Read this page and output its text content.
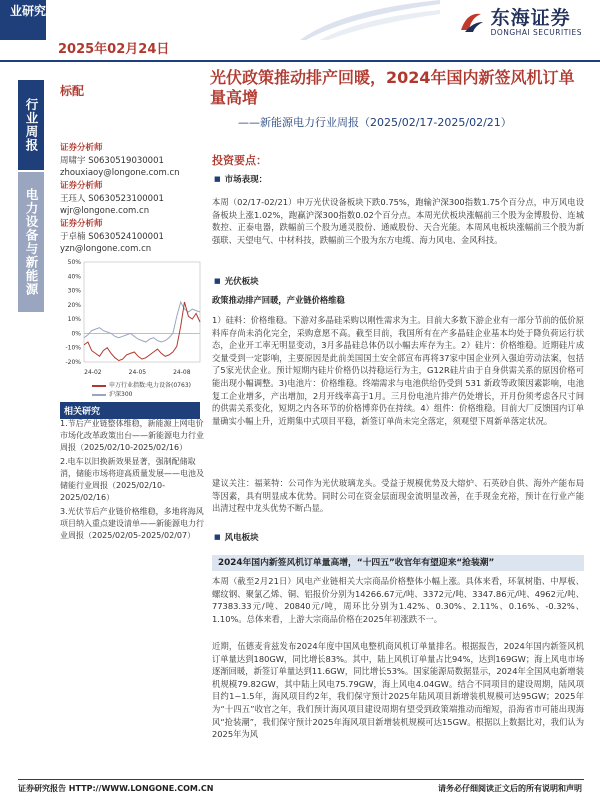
业研究
2025年02月24日
东海证券
DONGHAI SECURITIES
行业周报
电力设备与新能源
标配
光伏政策推动排产回暖，2024年国内新签风机订单量高增
——新能源电力行业周报（2025/02/17-2025/02/21）
证券分析师
周啸宇 S0630519030001
zhouxiaoy@longone.com.cn
证券分析师
王珏人 S0630523100001
wjr@longone.com.cn
证券分析师
于卓楠 S0630524100001
yzn@longone.com.cn
50%
40%
30%
20%
10%
0%
-10%
-20%
24-02	24-05	24-08
申万行业指数:电力设备(0763)
沪深300
相关研究

1.节后产业链整体维稳，新能源上网电价市场化改革政策出台——新能源电力行业周报（2025/02/10-2025/02/16）

2.电车以旧换新效果显著，强制配储取消，储能市场将迎高质量发展——电池及储能行业周报（2025/02/10-2025/02/16）

3.光伏节后产业链价格维稳，多地将海风项目纳入重点建设清单——新能源电力行业周报（2025/02/05-2025/02/07）

投资要点：
■ 市场表现：
本周（02/17-02/21）申万光伏设备板块下跌0.75%，跑输沪深300指数1.75个百分点，申万风电设备板块上涨1.02%，跑赢沪深300指数0.02个百分点。本周光伏板块涨幅前三个股为金博股份、连城数控、正泰电器，跌幅前三个股为通灵股份、通威股份、天合光能。本周风电板块涨幅前三个股为新强联、天望电气、中材科技，跌幅前三个股为东方电缆、海力风电、金风科技。
■ 光伏板块
政策推动排产回暖，产业链价格维稳
1）硅料：价格维稳。下游对多晶硅采购以刚性需求为主。目前大多数下游企业有一部分节前的低价原料库存尚未消化完全，采购意愿不高。截至目前，我国所有在产多晶硅企业基本均处于降负荷运行状态，企业开工率无明显变动，3月多晶硅总体仍以小幅去库存为主。2）硅片：价格维稳。近期硅片成交量受到一定影响，主要原因是此前美国国土安全部宣布再将37家中国企业列入强迫劳动法案，包括了5家光伏企业。预计短期内硅片价格仍以持稳运行为主，G12R硅片由于自身供需关系的原因价格可能出现小幅调整。3)电池片：价格维稳。终端需求与电池供给仍受到 531 新政等政策因素影响，电池复工企业增多，产出增加，2月开线率高于1月。三月份电池片排产仍处增长，开月份须考虑各尺寸间的供需关系变化，短期之内各环节的价格博弈仍在持续。4）组件：价格维稳。目前大厂反馈国内订单量确实小幅上升，近期集中式项目平稳，新签订单尚未完全落定，须观望下周新单落定状况。
建议关注：福莱特：公司作为光伏玻璃龙头。受益于规模优势及大熔炉、石英砂自供、海外产能布局等因素，具有明显成本优势。同时公司在资金层面现金流明显改善，在手现金充裕，预计在行业产能出清过程中龙头优势不断凸显。
■ 风电板块
2024年国内新签风机订单量高增，“十四五”收官年有望迎来“抢装潮”
本周（截至2月21日）风电产业链相关大宗商品价格整体小幅上涨。具体来看，环氧树脂、中厚板、螺纹钢、聚氯乙烯、铜、铝报价分别为14266.67元/吨、3372元/吨、3347.86元/吨、4962元/吨、77383.33元/吨、20840元/吨，周环比分别为1.42%、0.30%、2.11%、0.16%、-0.32%、1.10%。总体来看，上游大宗商品价格在2025年初涨跌不一。
近期，伍德麦肯兹发布2024年度中国风电整机商风机订单量排名。根据报告，2024年国内新签风机订单量达到180GW，同比增长83%。其中，陆上风机订单量占比94%，达到169GW；海上风电市场逐渐回暖，新签订单量达到11.6GW，同比增长53%。国家能源局数据显示，2024年全国风电新增装机规模79.82GW，其中陆上风电75.79GW，海上风电4.04GW。结合不同项目的建设周期，陆风项目约1~1.5年，海风项目约2年，我们保守预计2025年陆风项目新增装机规模可达95GW；2025年为“十四五”收官之年，我们预计海风项目建设周期有望受到政策端推动而缩短，沿海省市可能出现海风“抢装潮”，我们保守预计2025年海风项目新增装机规模可达15GW。根据以上数据比对，我们认为2025年为风
证券研究报告 HTTP://WWW.LONGONE.COM.CN	请务必仔细阅读正文后的所有说明和声明
